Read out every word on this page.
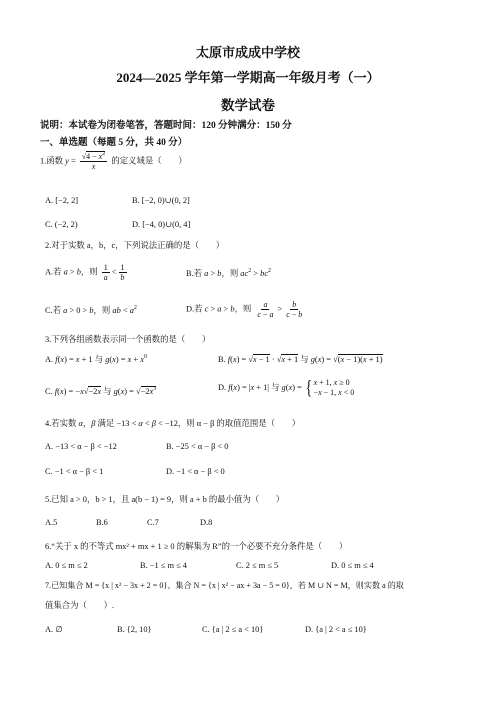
太原市成成中学校
2024—2025 学年第一学期高一年级月考（一）
数学试卷
说明：本试卷为闭卷笔答，答题时间：120 分钟满分：150 分
一、单选题（每题 5 分，共 40 分）
1.函数 $y = \frac{√4 - x^2}{x}$ 的定义域是（　　）
A. [−2, 2]	B. [−2, 0)∪(0, 2]
C. (−2, 2)	D. [−4, 0)∪(0, 4]
2.对于实数 a，b，c，下列说法正确的是（　　）
A.若 a > b，则 $\frac{1}{a} < \frac{1}{b}$	B.若 a > b，则 $ac^2 > bc^2$
C.若 a > 0 > b，则 ab < $a^2$	D.若 c > a > b，则 $\frac{a}{c - a} > \frac{b}{c - b}$
3.下列各组函数表示同一个函数的是（　　）
A. f(x) = x + 1 与 $g(x) = x + x^0$	B. f(x) = √x − 1 · √x + 1 与 g(x) = √(x − 1)(x + 1)
C. f(x) = −x√−2x 与 $g(x) = √-2x^3$	D. f(x) = |x + 1| 与 g(x) = {x + 1, x ≥ 0
−x − 1, x < 0
4.若实数 α，β 满足 −13 < α < β < −12，则 α − β 的取值范围是（　　）
A. −13 < α − β < −12	B. −25 < α − β < 0
C. −1 < α − β < 1	D. −1 < α − β < 0
5.已知 a > 0，b > 1，且 a(b − 1) = 9，则 a + b 的最小值为（　　）
A.5	B.6	C.7	D.8
6.“关于 x 的不等式 mx² + mx + 1 ≥ 0 的解集为 R”的一个必要不充分条件是（　　）
A. 0 ≤ m ≤ 2	B. −1 ≤ m ≤ 4	C. 2 ≤ m ≤ 5	D. 0 ≤ m ≤ 4
7.已知集合 M = {x | x² − 3x + 2 = 0}、集合 N = {x | x² − ax + 3a − 5 = 0}，若 M ∪ N = M，则实数 a 的取
值集合为（　　）.
A. ∅	B. {2, 10}	C. {a | 2 ≤ a < 10}	D. {a | 2 < a ≤ 10}
